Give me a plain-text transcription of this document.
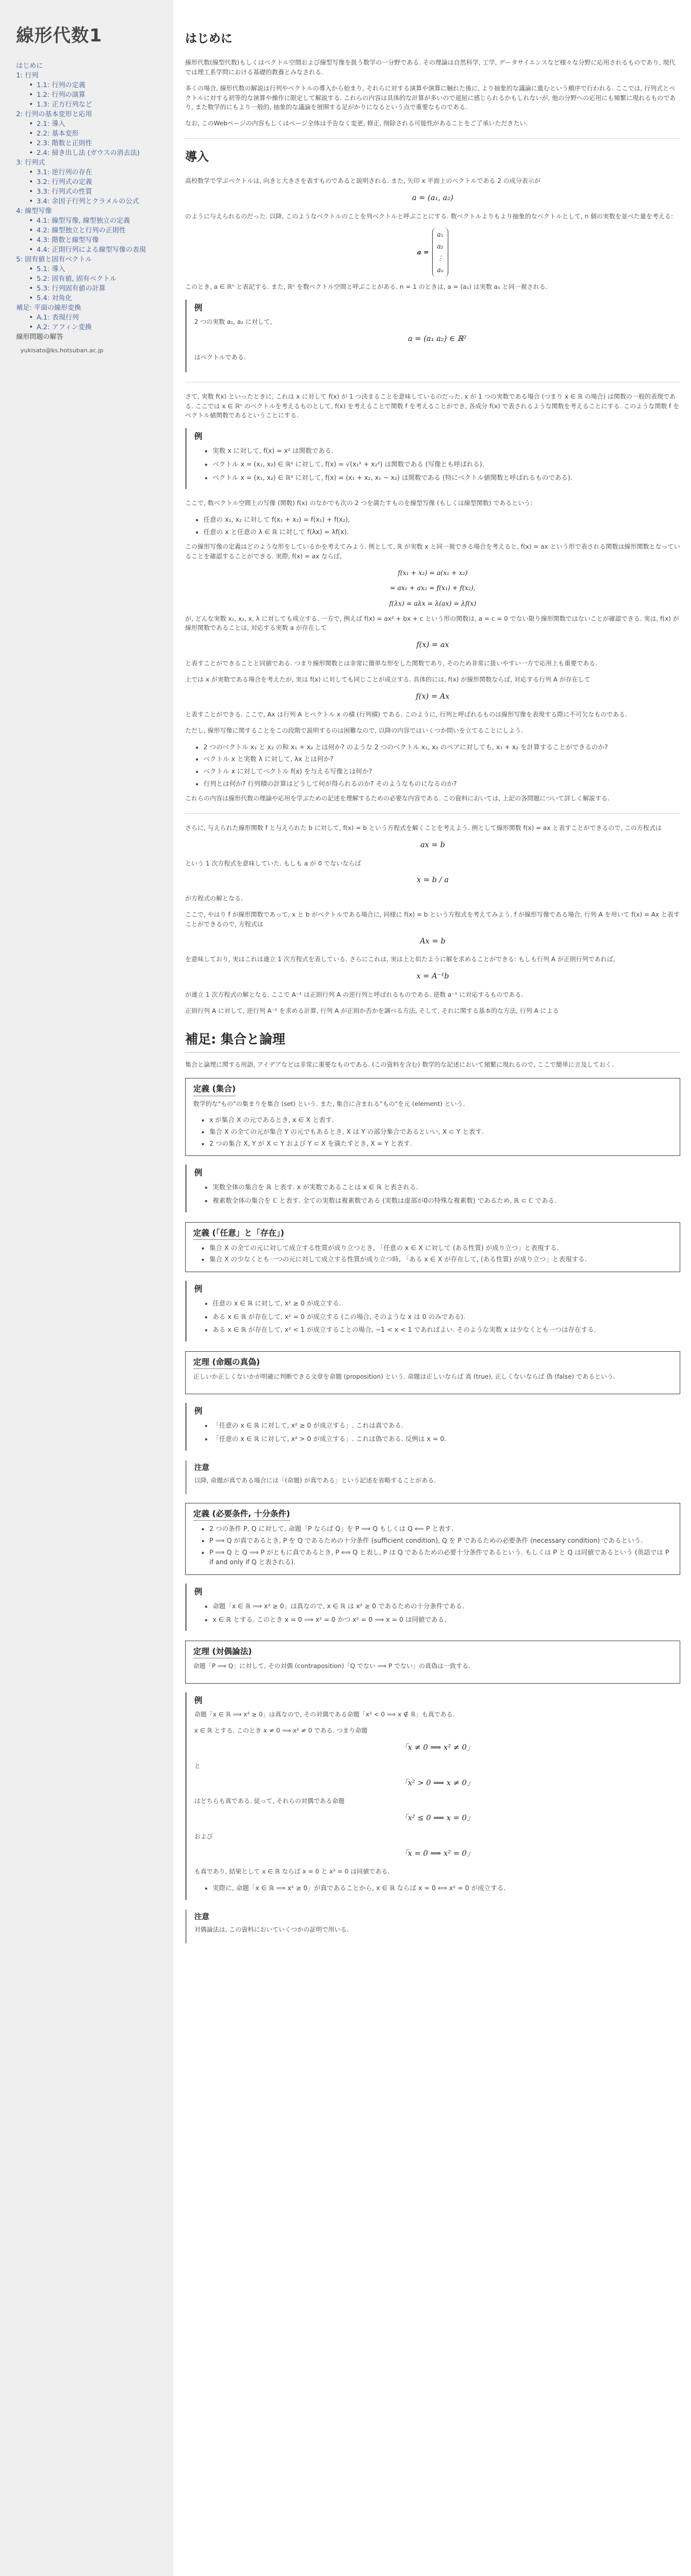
線形代数1
はじめに
1: 行列
• 1.1: 行列の定義
• 1.2: 行列の演算
• 1.3: 正方行列など
2: 行列の基本変形と応用
• 2.1: 導入
• 2.2: 基本変形
• 2.3: 階数と正則性
• 2.4: 掃き出し法 (ガウスの消去法)
3: 行列式
• 3.1: 逆行列の存在
• 3.2: 行列式の定義
• 3.3: 行列式の性質
• 3.4: 余因子行列とクラメルの公式
4: 線型写像
• 4.1: 線型写像, 線型独立の定義
• 4.2: 線型独立と行列の正則性
• 4.3: 階数と線型写像
• 4.4: 正則行列による線型写像の表現
5: 固有値と固有ベクトル
• 5.1: 導入
• 5.2: 固有値, 固有ベクトル
• 5.3: 行列固有値の計算
• 5.4: 対角化
補足: 平面の線形変換
• A.1: 表現行列
• A.2: アフィン変換
線形問題の解答
yukisato@ks.hotsuban.ac.jp
はじめに

線形代数(線型代数)もしくはベクトル空間および線型写像を扱う数学の一分野である. その理論は自然科学, 工学, データサイエンスなど様々な分野に応用されるものであり, 現代では理工系学問における基礎的教養とみなされる.

多くの場合, 線形代数の解説は行列やベクトルの導入から始まり, それらに対する演算や演算に触れた後に, より抽象的な議論に進むという順序で行われる. ここでは, 行列式とベクトルに対する初等的な演算や操作に限定して解説する. これらの内容は具体的な計算が多いので退屈に感じられるかもしれないが, 他の分野への応用にも頻繁に現れるものであり, また数学的にもより一般的, 抽象的な議論を展開する足がかりになるという点で重要なものである.

なお, このWebページの内容もしくはページ全体は予告なく変更, 修正, 削除される可能性があることをご了承いただきたい.

導入

高校数学で学ぶベクトルは, 向きと大きさを表すものであると説明される. また, 矢印 x 平面上のベクトルである 2 の成分表示が

a = (a₁, a₂)

のように与えられるのだった. 以降, このようなベクトルのことを列ベクトルと呼ぶことにする. 数ベクトルよりもより抽象的なベクトルとして, n 個の実数を並べた量を考える:

a =
a₁
a₂
⋮
aₙ

このとき, a ∈ ℝⁿ と表記する. また, ℝⁿ を数ベクトル空間と呼ぶことがある. n = 1 のときは, a = (a₁) は実数 a₁ と同一視される.

例

2 つの実数 a₁, a₂ に対して,

a = (a₁ a₂) ∈ ℝ²

はベクトルである.

さて, 実数 f(x) といったときに, これは x に対して f(x) が 1 つ決まることを意味しているのだった. x が 1 つの実数である場合 (つまり x ∈ ℝ の場合) は関数の一般的表現である. ここでは x ∈ ℝⁿ のベクトルを考えるものとして, f(x) を考えることで関数 f を考えることができ, 各成分 f(x) で表されるような関数を考えることにする. このような関数 f をベクトル値関数であるということにする.

例
• 実数 x に対して, f(x) = x² は関数である.
• ベクトル x = (x₁, x₂) ∈ ℝ² に対して, f(x) = √(x₁² + x₂²) は関数である (写像とも呼ばれる).
• ベクトル x = (x₁, x₂) ∈ ℝ² に対して, f(x) = (x₁ + x₂, x₁ − x₂) は関数である (特にベクトル値関数と呼ばれるものである).

ここで, 数ベクトル空間上の写像 (関数) f(x) のなかでも次の 2 つを満たすものを線型写像 (もしくは線型関数) であるという:

• 任意の x₁, x₂ に対して f(x₁ + x₂) = f(x₁) + f(x₂),
• 任意の x と任意の λ ∈ ℝ に対して f(λx) = λf(x).

この線形写像の定義はどのような形をしているかを考えてみよう. 例として, ℝ が実数 x と同一視できる場合を考えると, f(x) = ax という形で表される関数は線形関数となっていることを確認することができる. 実際, f(x) = ax ならば,

f(x₁ + x₂) = a(x₁ + x₂)
= ax₁ + ax₂ = f(x₁) + f(x₂),
f(λx) = aλx = λ(ax) = λf(x)

が, どんな実数 x₁, x₂, x, λ に対しても成立する. 一方で, 例えば f(x) = ax² + bx + c という形の関数は, a = c = 0 でない限り線形関数ではないことが確認できる. 実は, f(x) が線形関数であることは, 対応する実数 a が存在して

f(x) = ax

と表すことができることと同値である. つまり線形関数とは非常に簡単な形をした関数であり, そのため非常に扱いやすい一方で応用上も重要である.

上では x が実数である場合を考えたが, 実は f(x) に対しても同じことが成立する. 具体的には, f(x) が線形関数ならば, 対応する行列 A が存在して

f(x) = Ax

と表すことができる. ここで, Ax は行列 A とベクトル x の積 (行列積) である. このように, 行列と呼ばれるものは線形写像を表現する際に不可欠なものである.

ただし, 線形写像に関することをこの段階で説明するのは困難なので, 以降の内容ではいくつか問いを立てることにしよう.

• 2 つのベクトル x₁ と x₂ の和 x₁ + x₂ とは何か? のような 2 つのベクトル x₁, x₂ のペアに対しても, x₁ + x₂ を計算することができるのか?
• ベクトル x と実数 λ に対して, λx とは何か?
• ベクトル x に対してベクトル f(x) を与える写像とは何か?
• 行列とは何か? 行列積の計算はどうして何が得られるのか? そのようなものになるのか?

これらの内容は線形代数の理論や応用を学ぶための記述を理解するための必要な内容である. この資料においては, 上記の各問題について詳しく解説する.

さらに, 与えられた線形関数 f と与えられた b に対して, f(x) = b という方程式を解くことを考えよう. 例として線形関数 f(x) = ax と表すことができるので, この方程式は

ax = b

という 1 次方程式を意味していた. もしも a が 0 でないならば

x = b / a

が方程式の解となる.

ここで, やはり f が線形関数であって, x と b がベクトルである場合に, 同様に f(x) = b という方程式を考えてみよう. f が線形写像である場合, 行列 A を用いて f(x) = Ax と表すことができるので, 方程式は

Ax = b

を意味しており, 実はこれは連立 1 次方程式を表している. さらにこれは, 実は上と似たように解を求めることができる: もしも行列 A が正則行列であれば,

x = A⁻¹b

が連立 1 次方程式の解となる. ここで A⁻¹ は正則行列 A の逆行列と呼ばれるものである. 逆数 a⁻¹ に対応するものである.

正則行列 A に対して, 逆行列 A⁻¹ を求める計算, 行列 A が正則か否かを調べる方法, そして, それに関する基本的な方法, 行列 A による

補足: 集合と論理

集合と論理に関する用語, アイデアなどは非常に重要なものである. (この資料を含む) 数学的な記述において頻繁に現れるので, ここで簡単に言及しておく.

定義 (集合)

数学的な"もの"の集まりを集合 (set) という. また, 集合に含まれる"もの"を元 (element) という.

• x が集合 X の元であるとき, x ∈ X と表す.
• 集合 X の全ての元が集合 Y の元でもあるとき, X は Y の部分集合であるといい, X ⊂ Y と表す.
• 2 つの集合 X, Y が X ⊂ Y および Y ⊂ X を満たすとき, X = Y と表す.
例
• 実数全体の集合を ℝ と表す. x が実数であることは x ∈ ℝ と表される.
• 複素数全体の集合を ℂ と表す. 全ての実数は複素数である (実数は虚部が0の特殊な複素数) であるため, ℝ ⊂ ℂ である.
定義 (「任意」と「存在」)
• 集合 X の全ての元に対して成立する性質が成り立つとき, 「任意の x ∈ X に対して (ある性質) が成り立つ」と表現する.
• 集合 X の少なくとも一つの元に対して成立する性質が成り立つ時, 「ある x ∈ X が存在して, (ある性質) が成り立つ」と表現する.
例
• 任意の x ∈ ℝ に対して, x² ≥ 0 が成立する.
• ある x ∈ ℝ が存在して, x² = 0 が成立する (この場合, そのような x は 0 のみである).
• ある x ∈ ℝ が存在して, x² < 1 が成立することの場合, −1 < x < 1 であればよい. そのような実数 x は少なくとも一つは存在する.
定理 (命題の真偽)

正しいか正しくないかが明確に判断できる文章を命題 (proposition) という. 命題は正しいならば 真 (true), 正しくないならば 偽 (false) であるという.

例
• 「任意の x ∈ ℝ に対して, x² ≥ 0 が成立する」. これは真である.
• 「任意の x ∈ ℝ に対して, x² > 0 が成立する」. これは偽である. 反例は x = 0.
注意

以降, 命題が真である場合には「(命題) が真である」という記述を省略することがある.

定義 (必要条件, 十分条件)
• 2 つの条件 P, Q に対して, 命題「P ならば Q」を P ⟹ Q もしくは Q ⟸ P と表す.
• P ⟹ Q が真であるとき, P を Q であるための十分条件 (sufficient condition), Q を P であるための必要条件 (necessary condition) であるという.
• P ⟹ Q と Q ⟹ P がともに真であるとき, P ⟺ Q と表し, P は Q であるための必要十分条件であるという. もしくは P と Q は同値であるという (英語では P if and only if Q と表される).
例
• 命題「x ∈ ℝ ⟹ x² ≥ 0」は真なので, x ∈ ℝ は x² ≥ 0 であるための十分条件である.
• x ∈ ℝ とする. このとき x = 0 ⟹ x² = 0 かつ x² = 0 ⟹ x = 0 は同値である.
定理 (対偶論法)

命題「P ⟹ Q」に対して, その対偶 (contraposition)「Q でない ⟹ P でない」の真偽は一致する.

例

命題「x ∈ ℝ ⟹ x² ≥ 0」は真なので, その対偶である命題「x² < 0 ⟹ x ∉ ℝ」も真である.

x ∈ ℝ とする. このとき x ≠ 0 ⟹ x² ≠ 0 である. つまり命題

「x ≠ 0 ⟹ x² ≠ 0」

と

「x² > 0 ⟹ x ≠ 0」

はどちらも真である. 従って, それらの対偶である命題

「x² ≤ 0 ⟹ x = 0」

および

「x = 0 ⟹ x² = 0」

も真であり, 結果として x ∈ ℝ ならば x = 0 と x² = 0 は同値である.

• 実際に, 命題「x ∈ ℝ ⟹ x² ≥ 0」が真であることから, x ∈ ℝ ならば x = 0 ⟺ x² = 0 が成立する.
注意

対偶論法は, この資料においていくつかの証明で用いる.
